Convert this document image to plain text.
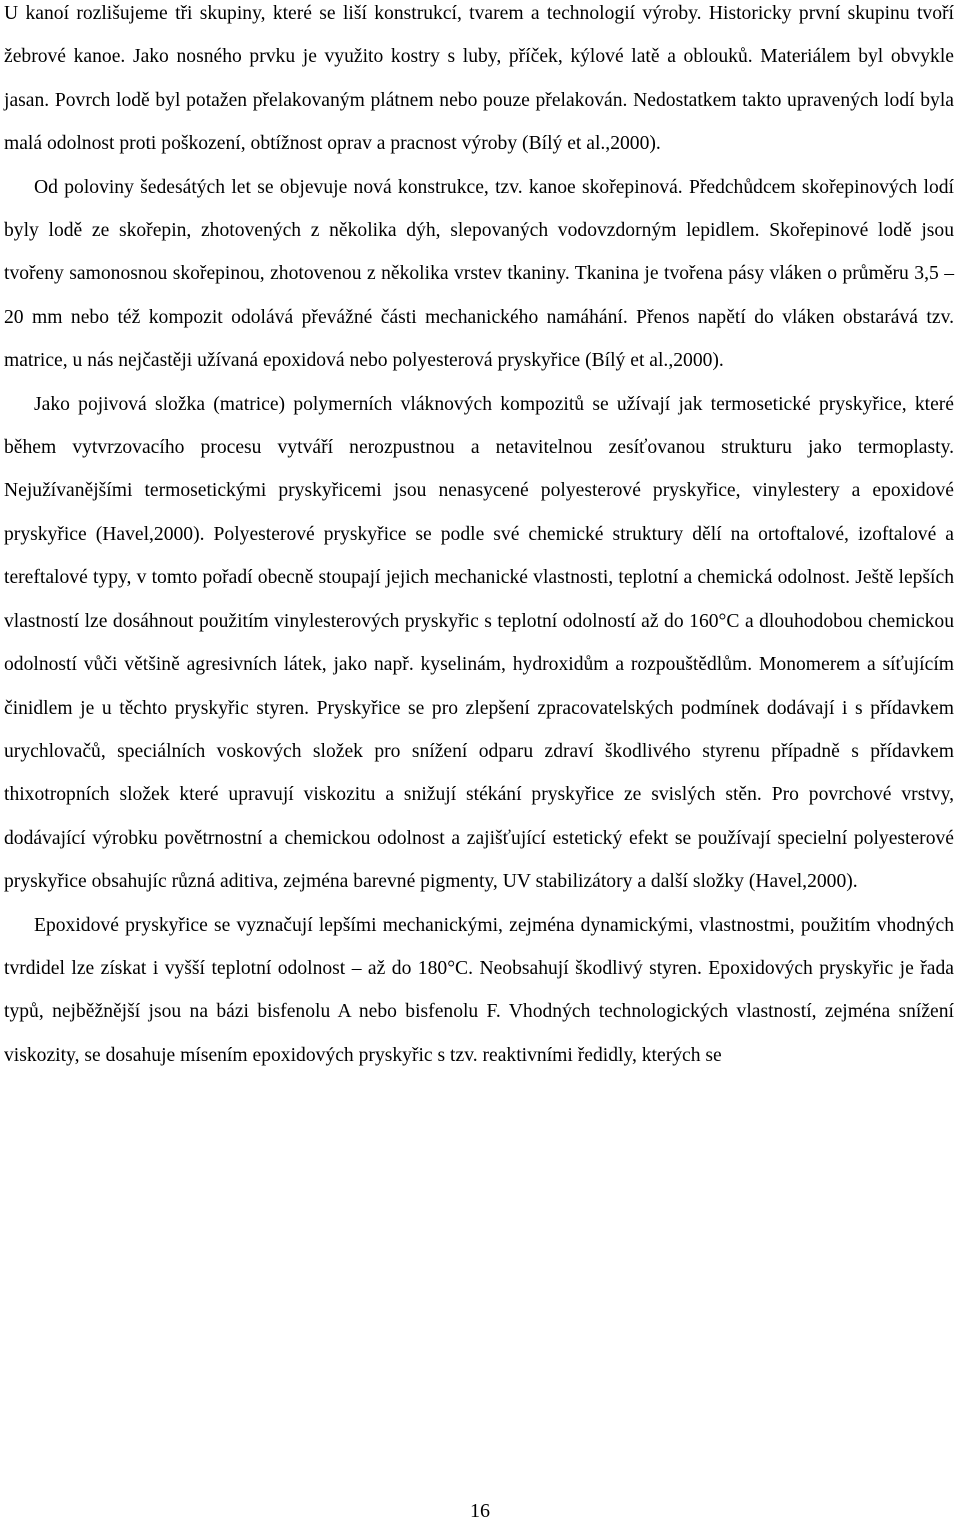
U kanoí rozlišujeme tři skupiny, které se liší konstrukcí, tvarem a technologií výroby. Historicky první skupinu tvoří žebrové kanoe. Jako nosného prvku je využito kostry s luby, příček, kýlové latě a oblouků. Materiálem byl obvykle jasan. Povrch lodě byl potažen přelakovaným plátnem nebo pouze přelakován. Nedostatkem takto upravených lodí byla malá odolnost proti poškození, obtížnost oprav a pracnost výroby (Bílý et al.,2000).

Od poloviny šedesátých let se objevuje nová konstrukce, tzv. kanoe skořepinová. Předchůdcem skořepinových lodí byly lodě ze skořepin, zhotovených z několika dýh, slepovaných vodovzdorným lepidlem. Skořepinové lodě jsou tvořeny samonosnou skořepinou, zhotovenou z několika vrstev tkaniny. Tkanina je tvořena pásy vláken o průměru 3,5 – 20 mm nebo též kompozit odolává převážné části mechanického namáhání. Přenos napětí do vláken obstarává tzv. matrice, u nás nejčastěji užívaná epoxidová nebo polyesterová pryskyřice (Bílý et al.,2000).

Jako pojivová složka (matrice) polymerních vláknových kompozitů se užívají jak termosetické pryskyřice, které během vytvrzovacího procesu vytváří nerozpustnou a netavitelnou zesíťovanou strukturu jako termoplasty. Nejužívanějšími termosetickými pryskyřicemi jsou nenasycené polyesterové pryskyřice, vinylestery a epoxidové pryskyřice (Havel,2000). Polyesterové pryskyřice se podle své chemické struktury dělí na ortoftalové, izoftalové a tereftalové typy, v tomto pořadí obecně stoupají jejich mechanické vlastnosti, teplotní a chemická odolnost. Ještě lepších vlastností lze dosáhnout použitím vinylesterových pryskyřic s teplotní odolností až do 160°C a dlouhodobou chemickou odolností vůči většině agresivních látek, jako např. kyselinám, hydroxidům a rozpouštědlům. Monomerem a síťujícím činidlem je u těchto pryskyřic styren. Pryskyřice se pro zlepšení zpracovatelských podmínek dodávají i s přídavkem urychlovačů, speciálních voskových složek pro snížení odparu zdraví škodlivého styrenu případně s přídavkem thixotropních složek které upravují viskozitu a snižují stékání pryskyřice ze svislých stěn. Pro povrchové vrstvy, dodávající výrobku povětrnostní a chemickou odolnost a zajišťující estetický efekt se používají specielní polyesterové pryskyřice obsahujíc různá aditiva, zejména barevné pigmenty, UV stabilizátory a další složky (Havel,2000).

Epoxidové pryskyřice se vyznačují lepšími mechanickými, zejména dynamickými, vlastnostmi, použitím vhodných tvrdidel lze získat i vyšší teplotní odolnost – až do 180°C. Neobsahují škodlivý styren. Epoxidových pryskyřic je řada typů, nejběžnější jsou na bázi bisfenolu A nebo bisfenolu F. Vhodných technologických vlastností, zejména snížení viskozity, se dosahuje mísením epoxidových pryskyřic s tzv. reaktivními ředidly, kterých se

16
